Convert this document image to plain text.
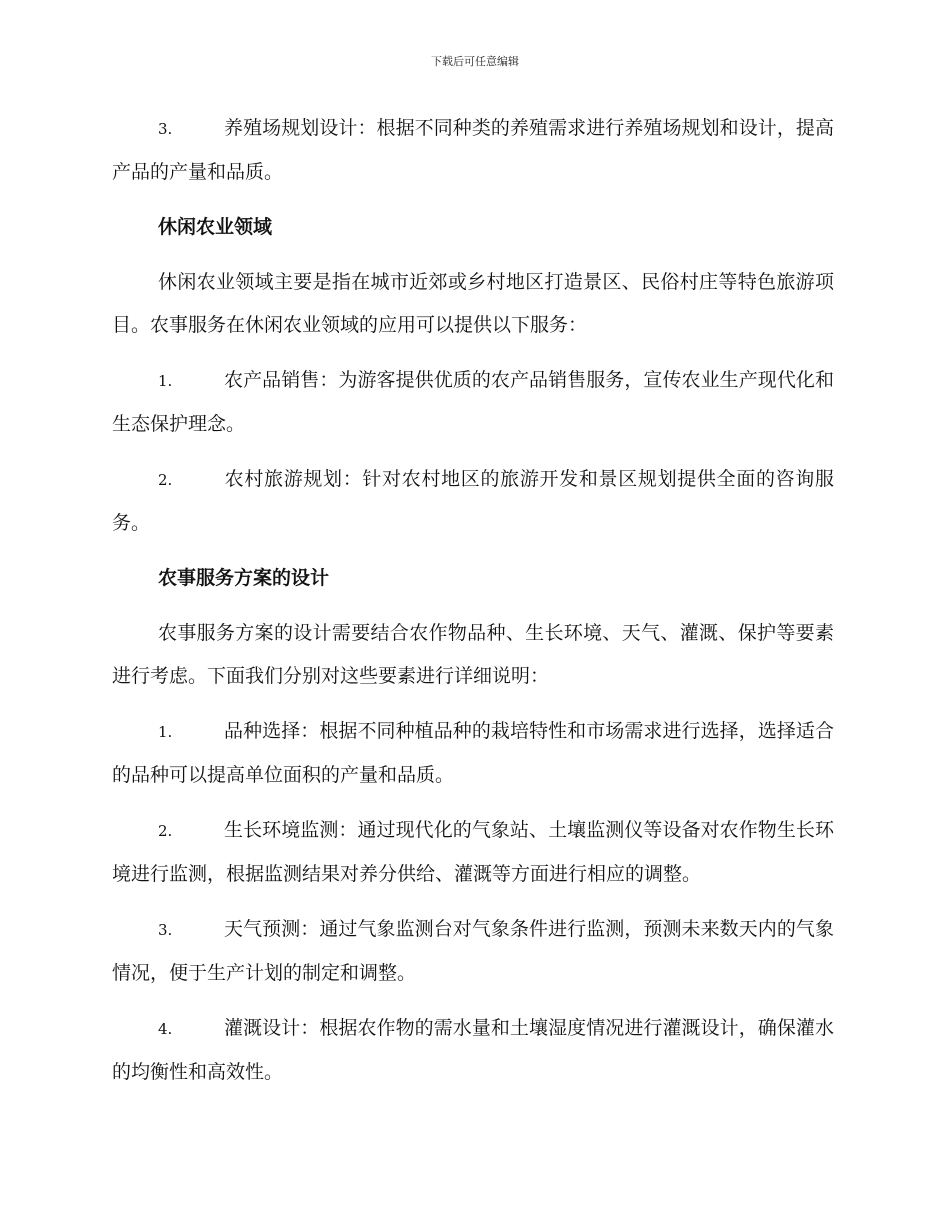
下载后可任意编辑

3.	养殖场规划设计：根据不同种类的养殖需求进行养殖场规划和设计，提高产品的产量和品质。

休闲农业领域

休闲农业领域主要是指在城市近郊或乡村地区打造景区、民俗村庄等特色旅游项目。农事服务在休闲农业领域的应用可以提供以下服务：

1.	农产品销售：为游客提供优质的农产品销售服务，宣传农业生产现代化和生态保护理念。

2.	农村旅游规划：针对农村地区的旅游开发和景区规划提供全面的咨询服务。

农事服务方案的设计

农事服务方案的设计需要结合农作物品种、生长环境、天气、灌溉、保护等要素进行考虑。下面我们分别对这些要素进行详细说明：

1.	品种选择：根据不同种植品种的栽培特性和市场需求进行选择，选择适合的品种可以提高单位面积的产量和品质。

2.	生长环境监测：通过现代化的气象站、土壤监测仪等设备对农作物生长环境进行监测，根据监测结果对养分供给、灌溉等方面进行相应的调整。

3.	天气预测：通过气象监测台对气象条件进行监测，预测未来数天内的气象情况，便于生产计划的制定和调整。

4.	灌溉设计：根据农作物的需水量和土壤湿度情况进行灌溉设计，确保灌水的均衡性和高效性。
